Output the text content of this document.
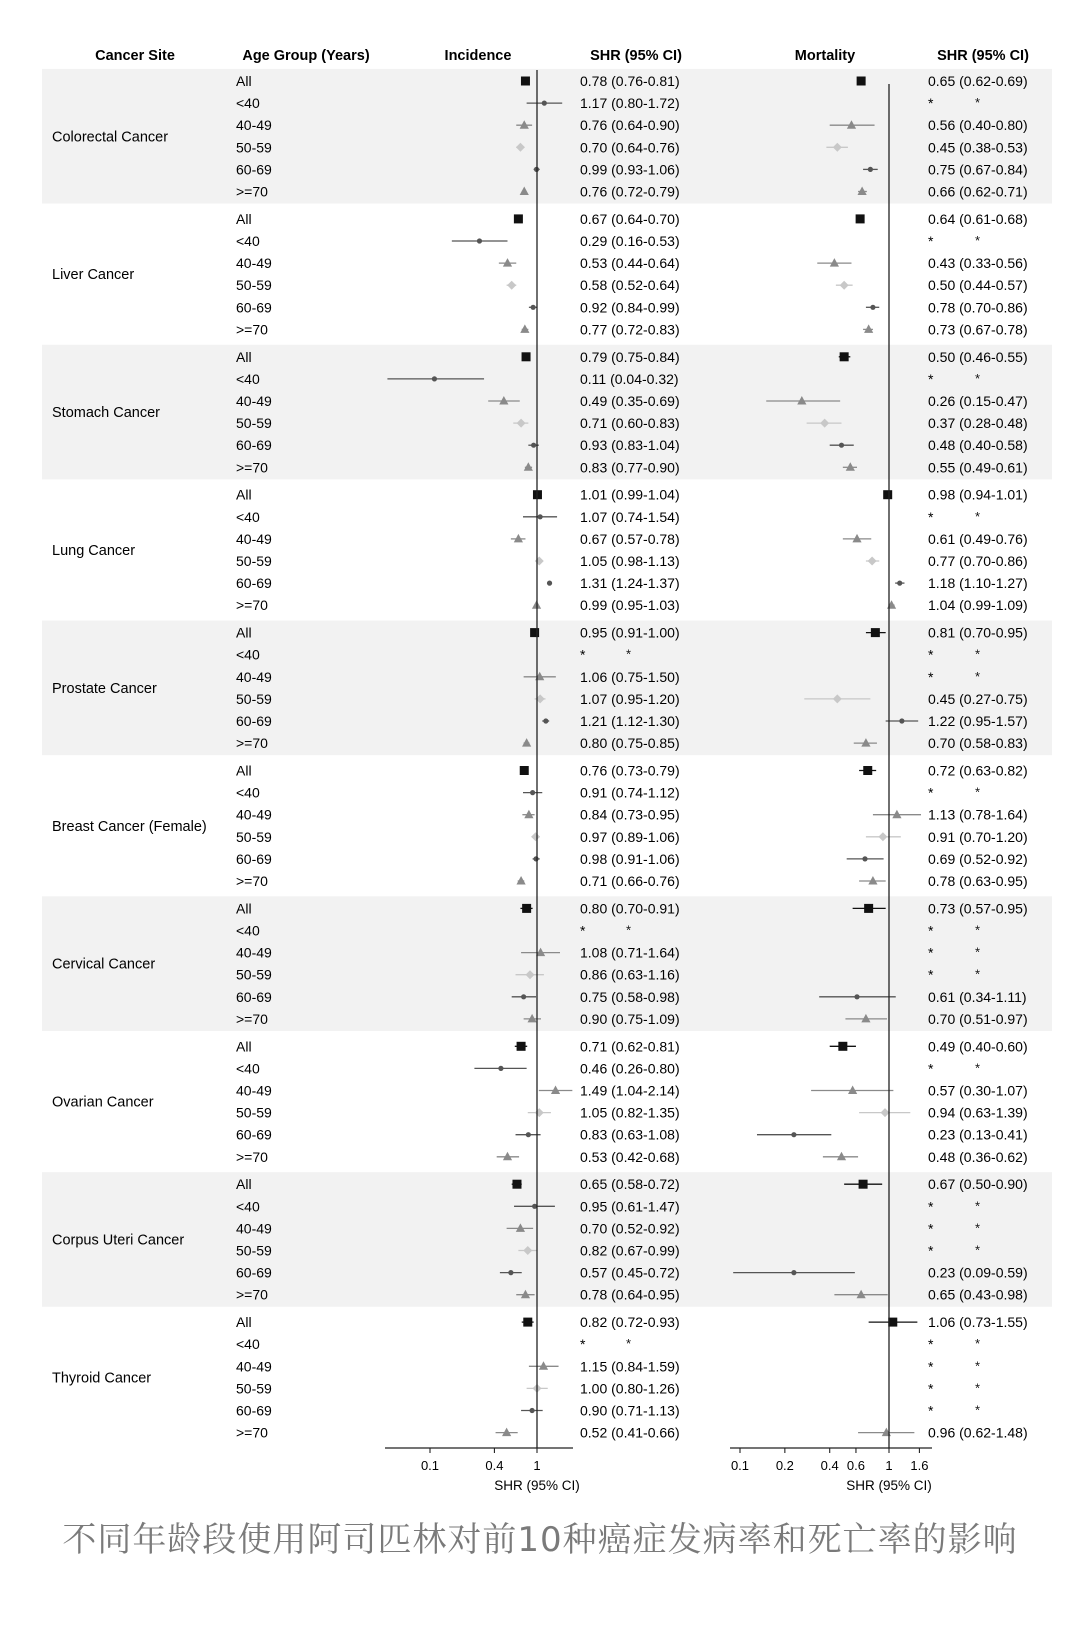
Cancer Site	Age Group (Years)	Incidence	SHR (95% CI)	Mortality	SHR (95% CI)
Colorectal Cancer
All	0.78 (0.76-0.81)	0.65 (0.62-0.69)
<40	1.17 (0.80-1.72)	*
40-49	0.76 (0.64-0.90)	0.56 (0.40-0.80)
50-59	0.70 (0.64-0.76)	0.45 (0.38-0.53)
60-69	0.99 (0.93-1.06)	0.75 (0.67-0.84)
>=70	0.76 (0.72-0.79)	0.66 (0.62-0.71)
Liver Cancer
All	0.67 (0.64-0.70)	0.64 (0.61-0.68)
<40	0.29 (0.16-0.53)	*
40-49	0.53 (0.44-0.64)	0.43 (0.33-0.56)
50-59	0.58 (0.52-0.64)	0.50 (0.44-0.57)
60-69	0.92 (0.84-0.99)	0.78 (0.70-0.86)
>=70	0.77 (0.72-0.83)	0.73 (0.67-0.78)
Stomach Cancer
All	0.79 (0.75-0.84)	0.50 (0.46-0.55)
<40	0.11 (0.04-0.32)	*
40-49	0.49 (0.35-0.69)	0.26 (0.15-0.47)
50-59	0.71 (0.60-0.83)	0.37 (0.28-0.48)
60-69	0.93 (0.83-1.04)	0.48 (0.40-0.58)
>=70	0.83 (0.77-0.90)	0.55 (0.49-0.61)
Lung Cancer
All	1.01 (0.99-1.04)	0.98 (0.94-1.01)
<40	1.07 (0.74-1.54)	*
40-49	0.67 (0.57-0.78)	0.61 (0.49-0.76)
50-59	1.05 (0.98-1.13)	0.77 (0.70-0.86)
60-69	1.31 (1.24-1.37)	1.18 (1.10-1.27)
>=70	0.99 (0.95-1.03)	1.04 (0.99-1.09)
Prostate Cancer
All	0.95 (0.91-1.00)	0.81 (0.70-0.95)
<40	*	*
40-49	1.06 (0.75-1.50)	*
50-59	1.07 (0.95-1.20)	0.45 (0.27-0.75)
60-69	1.21 (1.12-1.30)	1.22 (0.95-1.57)
>=70	0.80 (0.75-0.85)	0.70 (0.58-0.83)
Breast Cancer (Female)
All	0.76 (0.73-0.79)	0.72 (0.63-0.82)
<40	0.91 (0.74-1.12)	*
40-49	0.84 (0.73-0.95)	1.13 (0.78-1.64)
50-59	0.97 (0.89-1.06)	0.91 (0.70-1.20)
60-69	0.98 (0.91-1.06)	0.69 (0.52-0.92)
>=70	0.71 (0.66-0.76)	0.78 (0.63-0.95)
Cervical Cancer
All	0.80 (0.70-0.91)	0.73 (0.57-0.95)
<40	*	*
40-49	1.08 (0.71-1.64)	*
50-59	0.86 (0.63-1.16)	*
60-69	0.75 (0.58-0.98)	0.61 (0.34-1.11)
>=70	0.90 (0.75-1.09)	0.70 (0.51-0.97)
Ovarian Cancer
All	0.71 (0.62-0.81)	0.49 (0.40-0.60)
<40	0.46 (0.26-0.80)	*
40-49	1.49 (1.04-2.14)	0.57 (0.30-1.07)
50-59	1.05 (0.82-1.35)	0.94 (0.63-1.39)
60-69	0.83 (0.63-1.08)	0.23 (0.13-0.41)
>=70	0.53 (0.42-0.68)	0.48 (0.36-0.62)
Corpus Uteri Cancer
All	0.65 (0.58-0.72)	0.67 (0.50-0.90)
<40	0.95 (0.61-1.47)	*
40-49	0.70 (0.52-0.92)	*
50-59	0.82 (0.67-0.99)	*
60-69	0.57 (0.45-0.72)	0.23 (0.09-0.59)
>=70	0.78 (0.64-0.95)	0.65 (0.43-0.98)
Thyroid Cancer
All	0.82 (0.72-0.93)	1.06 (0.73-1.55)
<40	*	*
40-49	1.15 (0.84-1.59)	*
50-59	1.00 (0.80-1.26)	*
60-69	0.90 (0.71-1.13)	*
>=70	0.52 (0.41-0.66)	0.96 (0.62-1.48)
*
*
*
*
*	*
*
*
*	*
*
*
*
*
*
*
*	*
*
*
*
0.1	0.4 1
SHR (95% CI)
0.1 0.2 0.4 0.6 1 1.6
SHR (95% CI)
不同年龄段使用阿司匹林对前10种癌症发病率和死亡率的影响
